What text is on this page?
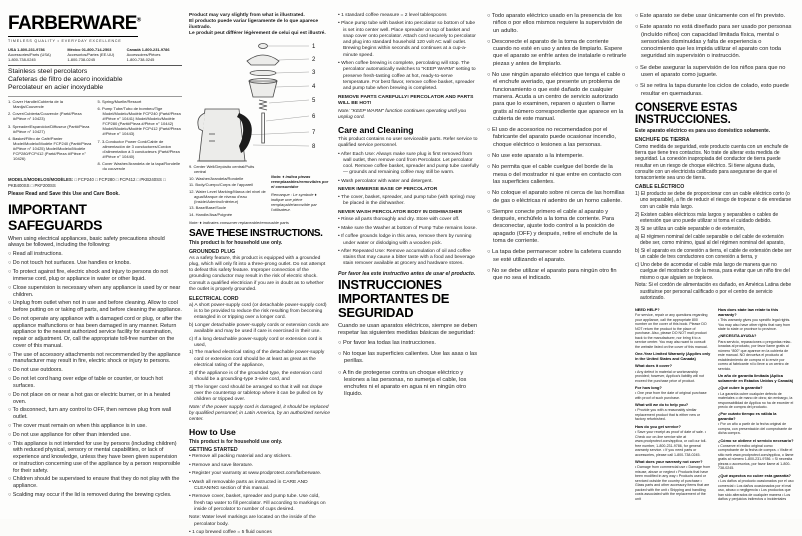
FARBERWARE®
TIMELESS QUALITY • EVERYDAY EXCELLENCE
USA 1-800-231-9786
Accessories/Parts (USA)
1-800-738-0245
México 01-800-714-2503
Accesorios/Partes (EE.UU)
1-800-738-0245
Canadá 1-800-231-9786
Accessoires/Pièces
1-800-738-0245
Stainless steel percolators
Cafeteras de filtro de acero inoxidable
Percolateur en acier inoxydable
1. Cover Handle/Cubierta de la Manija/Couvercle
2. Cover/Cubierta/Couvercle (Part#/Pieza #/Pièce n° 10423)
3. Spreader/Esparcidor/Diffuseur (Part#/Pieza #/Pièce n° 10427)
4. Basket/Filtro de Café/Panier Model/Modelo/Modèle FCP240 (Part#/Pieza #/Pièce n° 10425) Model/Modelo/Modèle FCP280/FCP412 (Part#/Pieza #/Pièce n° 10426)
5. Spring/Muelle/Ressort
6. Pump Tube/Tubo de bombeo/Tige Model/Modelo/Modèle FCP240 (Part#/Pieza #/Pièce n° 10441) Model/Modelo/Modèle FCP280 (Part#/Pieza #/Pièce n° 10442) Model/Modelo/Modèle FCP412 (Part#/Pieza #/Pièce n° 10443)
7. 3-Conductor Power Cord/Cable de alimentación de 3 conductores/Cordon d'alimentation à 3 conducteurs (Part#/Pieza #/Pièce n° 10440)
8. Cover Washer/Arandela de la tapa/Rondelle du couvercle
MODELS/MODELOS/MODÈLES: □ FCP240 □ FCP280 □ FCP412 □ PKB240SS □ PKB400SS □ PKF200SS
Please Read and Save this Use and Care Book.
IMPORTANT SAFEGUARDS
When using electrical appliances, basic safety precautions should always be followed, including the following:
○ Read all instructions.
○ Do not touch hot surfaces. Use handles or knobs.
○ To protect against fire, electric shock and injury to persons do not immerse cord, plug or appliance in water or other liquid.
○ Close supervision is necessary when any appliance is used by or near children.
○ Unplug from outlet when not in use and before cleaning. Allow to cool before putting on or taking off parts, and before cleaning the appliance.
○ Do not operate any appliance with a damaged cord or plug, or after the appliance malfunctions or has been damaged in any manner. Return appliance to the nearest authorized service facility for examination, repair or adjustment. Or, call the appropriate toll-free number on the cover of this manual.
○ The use of accessory attachments not recommended by the appliance manufacturer may result in fire, electric shock or injury to persons.
○ Do not use outdoors.
○ Do not let cord hang over edge of table or counter, or touch hot surfaces.
○ Do not place on or near a hot gas or electric burner, or in a heated oven.
○ To disconnect, turn any control to OFF, then remove plug from wall outlet.
○ The cover must remain on when this appliance is in use.
○ Do not use appliance for other than intended use.
○ This appliance is not intended for use by persons (including children) with reduced physical, sensory or mental capabilities, or lack of experience and knowledge, unless they have been given supervision or instruction concerning use of the appliance by a person responsible for their safety.
○ Children should be supervised to ensure that they do not play with the appliance.
○ Scalding may occur if the lid is removed during the brewing cycles.
Product may vary slightly from what is illustrated.
El producto puede variar ligeramente de lo que aparece ilustrado.
Le produit peut différer légèrement de celui qui est illustré.
1
2
3
4
5
6
7
8
9. Center Well/Depósito central/Puits central
10. Washer/Arandela/Rondelle
11. Body/Cuerpo/Corps de l'appareil
12. Water Level Marking/Marca del nivel de agua/Marque de niveau d'eau (Inside/Adentro/Intérieur)
13. Base/Base/Socle
14. Handle/Asa/Poignée
Nota: ♦ indica piezas reemplazables/removibles por el consumidor
Remarque : Le symbole ♦ indique une pièce remplaçable/amovible par l'utilisateur.
Note: ♦ indicates consumer replaceable/removable parts
SAVE THESE INSTRUCTIONS.
This product is for household use only.
GROUNDED PLUG
As a safety feature, this product is equipped with a grounded plug, which will only fit into a three-prong outlet. Do not attempt to defeat this safety feature. Improper connection of the grounding conductor may result in the risk of electric shock. Consult a qualified electrician if you are in doubt as to whether the outlet is properly grounded.
ELECTRICAL CORD
a) A short power-supply cord (or detachable power-supply cord) is to be provided to reduce the risk resulting from becoming entangled in or tripping over a longer cord.
b) Longer detachable power-supply cords or extension cords are available and may be used if care is exercised in their use.
c) If a long detachable power-supply cord or extension cord is used,
1) The marked electrical rating of the detachable power-supply cord or extension cord should be at least as great as the electrical rating of the appliance,
2) If the appliance is of the grounded type, the extension cord should be a grounding-type 3-wire cord, and
3) The longer cord should be arranged so that it will not drape over the countertop or tabletop where it can be pulled on by children or tripped over.
Note: If the power supply cord is damaged, it should be replaced by qualified personnel; in Latin America, by an authorized service center.
How to Use
This product is for household use only.
GETTING STARTED
• Remove all packing material and any stickers.
• Remove and save literature.
• Register your warranty at www.prodprotect.com/farberware.
• Wash all removable parts as instructed in CARE AND CLEANING section of this manual.
• Remove cover, basket, spreader and pump tube. Use cold, fresh tap water to fill percolator. Fill according to markings on inside of percolator to number of cups desired.
Note: Water level markings are located on the inside of the percolator body.
• 1 cup brewed coffee = 5 fluid ounces
• 1 standard coffee measure = 2 level tablespoons
• Place pump tube with basket into percolator so bottom of tube is set into center well. Place spreader on top of basket and snap cover onto percolator. Attach cord securely to percolator and plug into standard household 120 volt AC wall outlet. Brewing begins within seconds and continues at a cup-a-minute speed.
• When coffee brewing is complete, percolating will stop. The percolator automatically switches to “KEEP WARM” setting to preserve fresh-tasting coffee at hot, ready-to-serve temperature. For best flavor, remove coffee basket, spreader and pump tube when brewing is completed.
REMOVE PARTS CAREFULLY! PERCOLATOR AND PARTS WILL BE HOT!
Note: “KEEP WARM” function continues operating until you unplug cord.
Care and Cleaning
This product contains no user serviceable parts. Refer service to qualified service personnel.
• After Each Use: Always make sure plug is first removed from wall outlet, then remove cord from Percolator. Let percolator cool. Remove coffee basket, spreader and pump tube carefully — grounds and remaining coffee may still be warm.
• Wash percolator with water and detergent.
NEVER IMMERSE BASE OF PERCOLATOR
• The cover, basket, spreader, and pump tube (with spring) may be placed in the dishwasher.
NEVER WASH PERCOLATOR BODY IN DISHWASHER
• Rinse all parts thoroughly and dry. Store with cover off.
• Make sure the Washer at bottom of Pump Tube remains loose.
• If coffee grounds lodge in this area, remove them by running under water or dislodging with a wooden pick.
• After Repeated Use: Remove accumulation of oil and coffee stains that may cause a bitter taste with a food and beverage stain remover available at grocery and hardware stores.
Por favor lea este instructivo antes de usar el producto.
INSTRUCCIONES
IMPORTANTES DE
SEGURIDAD
Cuando se usan aparatos eléctricos, siempre se deben respetar las siguientes medidas básicas de seguridad:
○ Por favor lea todas las instrucciones.
○ No toque las superficies calientes. Use las asas o las perillas.
○ A fin de protegerse contra un choque eléctrico y lesiones a las personas, no sumerja el cable, los enchufes ni el aparato en agua ni en ningún otro líquido.
○ Todo aparato eléctrico usado en la presencia de los niños o por ellos mismos requiere la supervisión de un adulto.
○ Desconecte el aparato de la toma de corriente cuando no esté en uso y antes de limpiarlo. Espere que el aparato se enfríe antes de instalarle o retirarle piezas y antes de limpiarlo.
○ No use ningún aparato eléctrico que tenga el cable o el enchufe averiado, que presente un problema de funcionamiento o que esté dañado de cualquier manera. Acuda a un centro de servicio autorizado para que lo examinen, reparen o ajusten o llame gratis al número correspondiente que aparece en la cubierta de este manual.
○ El uso de accesorios no recomendados por el fabricante del aparato puede ocasionar incendio, choque eléctrico o lesiones a las personas.
○ No use este aparato a la intemperie.
○ No permita que el cable cuelgue del borde de la mesa o del mostrador ni que entre en contacto con las superficies calientes.
○ No coloque el aparato sobre ni cerca de las hornillas de gas o eléctricas ni adentro de un horno caliente.
○ Siempre conecte primero el cable al aparato y después, enchúfelo a la toma de corriente. Para desconectar, ajuste todo control a la posición de apagado (OFF) y después, retire el enchufe de la toma de corriente.
○ La tapa debe permanecer sobre la cafetera cuando se esté utilizando el aparato.
○ No se debe utilizar el aparato para ningún otro fin que no sea el indicado.
○ Este aparato se debe usar únicamente con el fin previsto.
○ Este aparato no está diseñado para ser usado por personas (incluído niños) con capacidad limitada física, mental o sensoriales disminuidas y falta de experiencia o conocimiento que les impida utilizar el aparato con toda seguridad sin supervisión o instrucción.
○ Se debe asegurar la supervisión de los niños para que no usen el aparato como juguete.
○ Si se retira la tapa durante los ciclos de colado, esto puede resultar en quemaduras.
CONSERVE ESTAS INSTRUCCIONES.
Este aparato eléctrico es para uso doméstico solamente.
ENCHUFE DE TIERRA
Como medida de seguridad, este producto cuenta con un enchufe de tierra que tiene tres contactos. No trate de alterar esta medida de seguridad. La conexión inapropiada del conductor de tierra puede resultar en un riesgo de choque eléctrico. Si tiene alguna duda, consulte con un electricista calificado para asegurarse de que el tomacorriente sea uno de tierra.
CABLE ELÉCTRICO
1) El producto se debe de proporcionar con un cable eléctrico corto (o uno separable), a fin de reducir el riesgo de tropezar o de enredarse con un cable más largo.
2) Existen cables eléctricos más largos y separables o cables de extensión que uno puede utilizar si toma el cuidado debido.
3) Si se utiliza un cable separable o de extensión,
a) El régimen nominal del cable separable o del cable de extensión debe ser, como mínimo, igual al del régimen nominal del aparato,
b) Si el aparato es de conexión a tierra, el cable de extensión debe ser un cable de tres conductores con conexión a tierra, y
c) Uno debe de acomodar el cable más largo de manera que no cuelgue del mostrador o de la mesa, para evitar que un niño tire del mismo o que alguien se tropiece.
Nota: Si el cordón de alimentación es dañado, en América Latina debe sustituirse por personal calificado o por el centro de servicio autorizado.
NEED HELP?
For service, repair or any questions regarding your appliance, call the appropriate 800 number on the cover of this book. Please DO NOT return the product to the place of purchase. Also, please DO NOT mail product back to the manufacturer, nor bring it to a service center. You may also want to consult the website listed on the cover of this manual.
One-Year Limited Warranty (Applies only in the United States and Canada)
What does it cover?
• Any defect in material or workmanship provided; however, Applica's liability will not exceed the purchase price of product.
For how long?
• One year from the date of original purchase with proof of such purchase.
What will we do to help you?
• Provide you with a reasonably similar replacement product that is either new or factory refurbished.
How do you get service?
• Save your receipt as proof of date of sale. • Check our on-line service site at www.prodprotect.com/applica, or call our toll-free number, 1-800-231-9786, for general warranty service. • If you need parts or accessories, please call 1-800-738-0245.
What does your warranty not cover?
• Damage from commercial use • Damage from misuse, abuse or neglect • Products that have been modified in any way • Products used or serviced outside the country of purchase • Glass parts and other accessory items that are packed with the unit • Shipping and handling costs associated with the replacement of the unit
How does state law relate to this warranty?
• This warranty gives you specific legal rights. You may also have other rights that vary from state to state or province to province.
¿NECESITA AYUDA?
Para servicio, reparaciones o preguntas relacionadas al producto, por favor llame gratis al número “800” que aparece en la cubierta de este manual. NO devuelva el producto al establecimiento de compra ni lo envíe por correo al fabricante ni lo lleve a un centro de servicio.
Un año de garantía limitada (Aplica solamente en Estados Unidos y Canadá)
¿Qué cubre la garantía?
• La garantía cubre cualquier defecto de materiales o de mano de obra; sin embargo, la responsabilidad de Applica no ha de exceder el precio de compra del producto.
¿Por cuánto tiempo es válida la garantía?
• Por un año a partir de la fecha original de compra, con presentación del comprobante de dicha compra.
¿Cómo se obtiene el servicio necesario?
• Conserve el recibo original como comprobante de la fecha de compra. • Visite el sitio web www.prodprotect.com/applica, o llame gratis al número 1-800-231-9786. • Si necesita piezas o accesorios, por favor llame al 1-800-738-0245.
¿Qué aspectos no cubre esta garantía?
• Los daños al producto ocasionados por el uso comercial • Los daños ocasionados por el mal uso, abuso o negligencia • Los productos que han sido alterados de cualquier manera • Los daños y perjuicios indirectos o incidentales
